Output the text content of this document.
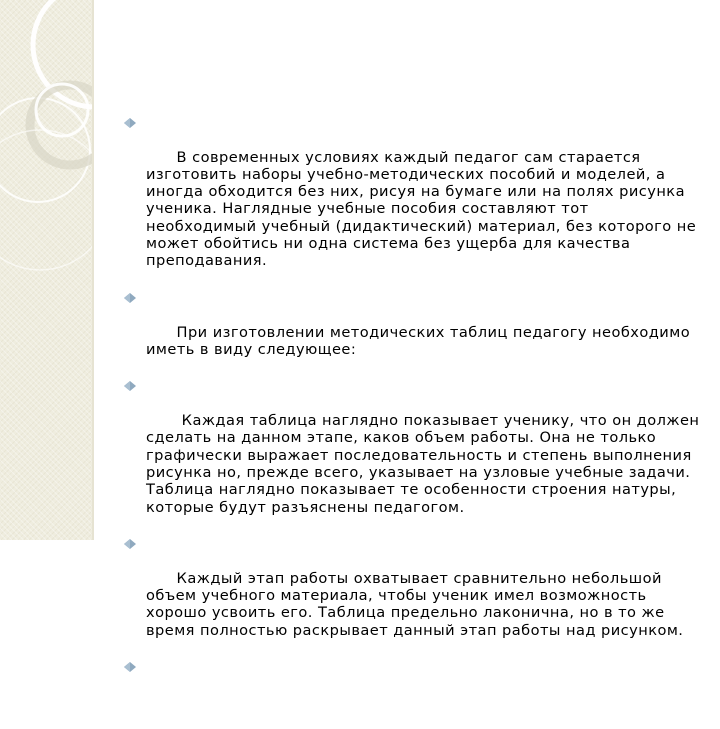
В современных условиях каждый педагог сам старается изготовить наборы учебно-методических пособий и моделей, а иногда обходится без них, рисуя на бумаге или на полях рисунка ученика. Наглядные учебные пособия составляют тот необходимый учебный (дидактический) материал, без которого не может обойтись ни одна система без ущерба для качества преподавания.

При изготовлении методических таблиц педагогу необходимо иметь в виду следующее:

Каждая таблица наглядно показывает ученику, что он должен сделать на данном этапе, каков объем работы. Она не только графически выражает последовательность и степень выполнения рисунка но, прежде всего, указывает на узловые учебные задачи. Таблица наглядно показывает те особенности строения натуры, которые будут разъяснены педагогом.

Каждый этап работы охватывает сравнительно небольшой объем учебного материала, чтобы ученик имел возможность хорошо усвоить его. Таблица предельно лаконична, но в то же время полностью раскрывает данный этап работы над рисунком.
